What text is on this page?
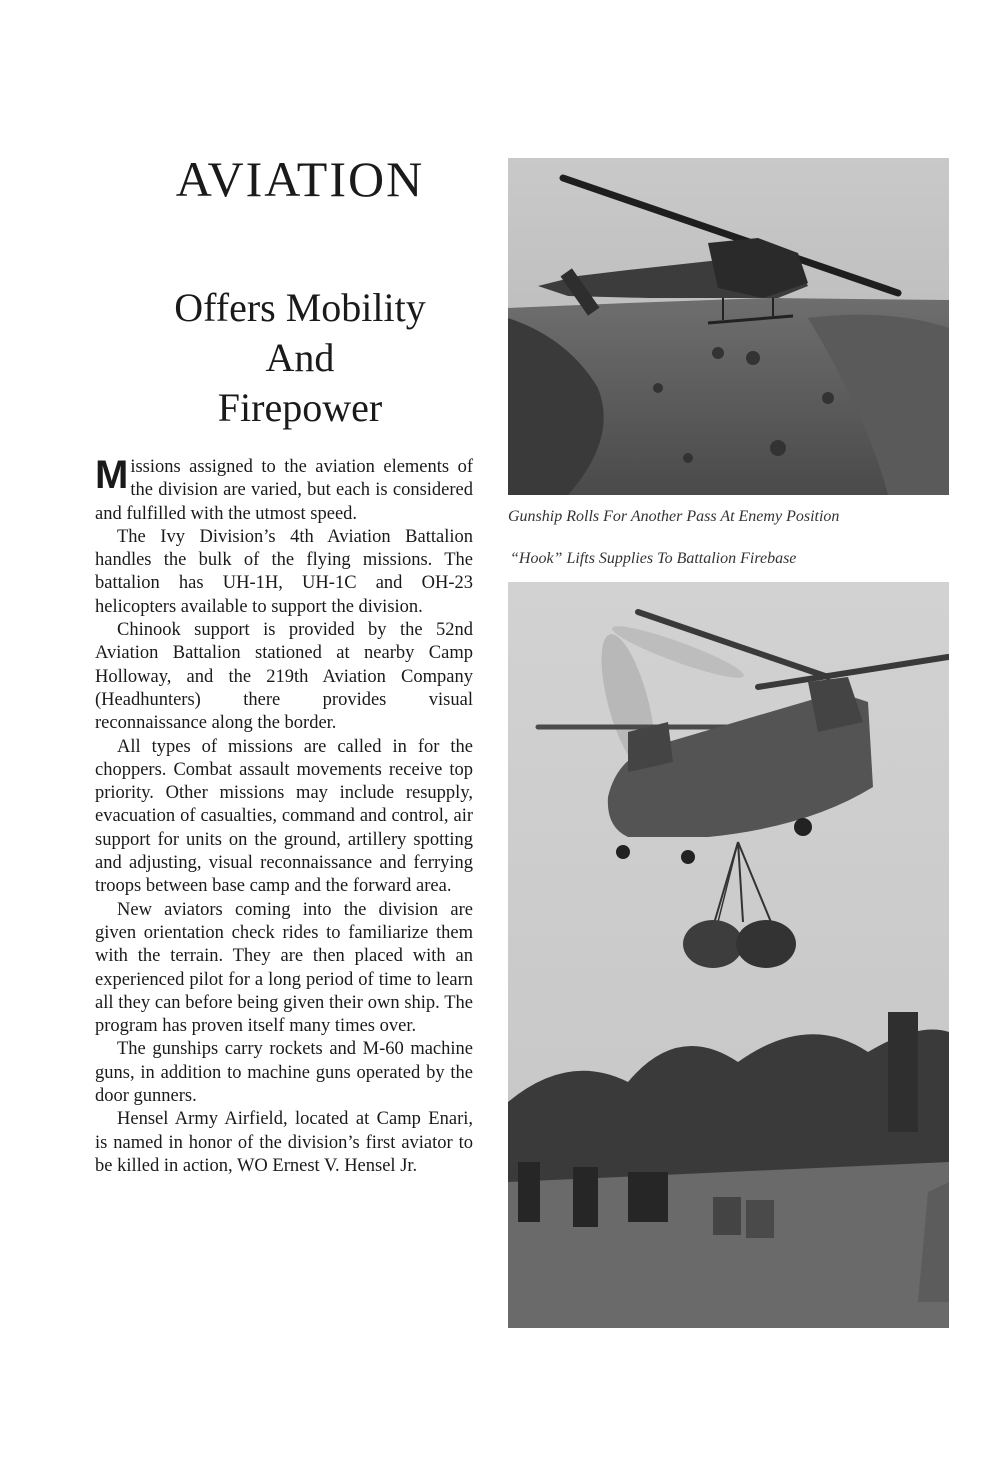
AVIATION
Offers Mobility
And
Firepower

Missions assigned to the aviation elements of the division are varied, but each is considered and fulfilled with the utmost speed.

The Ivy Division’s 4th Aviation Battalion handles the bulk of the flying missions. The battalion has UH-1H, UH-1C and OH-23 helicopters available to support the division.

Chinook support is provided by the 52nd Aviation Battalion stationed at nearby Camp Holloway, and the 219th Aviation Company (Headhunters) there provides visual reconnaissance along the border.

All types of missions are called in for the choppers. Combat assault movements receive top priority. Other missions may include resupply, evacuation of casualties, command and control, air support for units on the ground, artillery spotting and adjusting, visual reconnaissance and ferrying troops between base camp and the forward area.

New aviators coming into the division are given orientation check rides to familiarize them with the terrain. They are then placed with an experienced pilot for a long period of time to learn all they can before being given their own ship. The program has proven itself many times over.

The gunships carry rockets and M-60 machine guns, in addition to machine guns operated by the door gunners.

Hensel Army Airfield, located at Camp Enari, is named in honor of the division’s first aviator to be killed in action, WO Ernest V. Hensel Jr.

Gunship Rolls For Another Pass At Enemy Position
“Hook” Lifts Supplies To Battalion Firebase
